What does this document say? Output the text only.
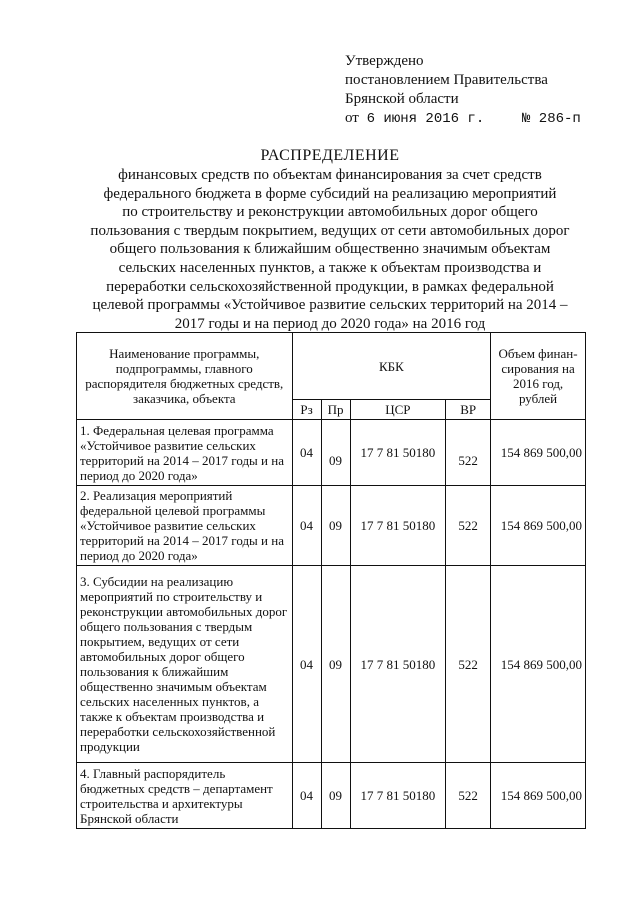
Утверждено
постановлением Правительства
Брянской области
от 6 июня 2016 г.	№ 286-п
РАСПРЕДЕЛЕНИЕ
финансовых средств по объектам финансирования за счет средств
федерального бюджета в форме субсидий на реализацию мероприятий
по строительству и реконструкции автомобильных дорог общего
пользования с твердым покрытием, ведущих от сети автомобильных дорог
общего пользования к ближайшим общественно значимым объектам
сельских населенных пунктов, а также к объектам производства и
переработки сельскохозяйственной продукции, в рамках федеральной
целевой программы «Устойчивое развитие сельских территорий на 2014 –
2017 годы и на период до 2020 года» на 2016 год
Наименование программы, подпрограммы, главного распорядителя бюджетных средств, заказчика, объекта	КБК				Объем финан-сирования на 2016 год, рублей
	Рз	Пр	ЦСР	ВР	
1. Федеральная целевая программа «Устойчивое развитие сельских территорий на 2014 – 2017 годы и на период до 2020 года»	04	09	17 7 81 50180	522	154 869 500,00
2. Реализация мероприятий федеральной целевой программы «Устойчивое развитие сельских территорий на 2014 – 2017 годы и на период до 2020 года»	04	09	17 7 81 50180	522	154 869 500,00
3. Субсидии на реализацию мероприятий по строительству и реконструкции автомобильных дорог общего пользования с твердым покрытием, ведущих от сети автомобильных дорог общего пользования к ближайшим общественно значимым объектам сельских населенных пунктов, а также к объектам производства и переработки сельскохозяйственной продукции	04	09	17 7 81 50180	522	154 869 500,00
4. Главный распорядитель бюджетных средств – департамент строительства и архитектуры Брянской области	04	09	17 7 81 50180	522	154 869 500,00
